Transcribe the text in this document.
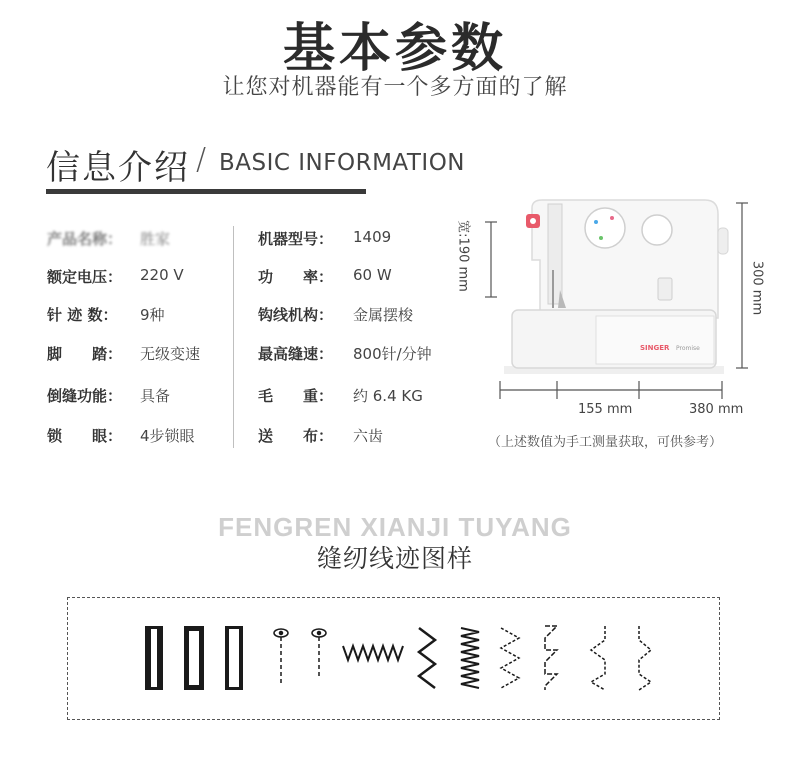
基本参数
让您对机器能有一个多方面的了解
信息介绍 / BASIC INFORMATION
产品名称： 胜家
额定电压： 220 V
针 迹 数： 9种
脚　　踏： 无级变速
倒缝功能： 具备
锁　　眼： 4步锁眼
机器型号： 1409
功　　率： 60 W
钩线机构： 金属摆梭
最高缝速： 800针/分钟
毛　　重： 约 6.4 KG
送　　布： 六齿
SINGER Promise
宽:190 mm	300 mm
155 mm	380 mm
（上述数值为手工测量获取，可供参考）
FENGREN XIANJI TUYANG
缝纫线迹图样
